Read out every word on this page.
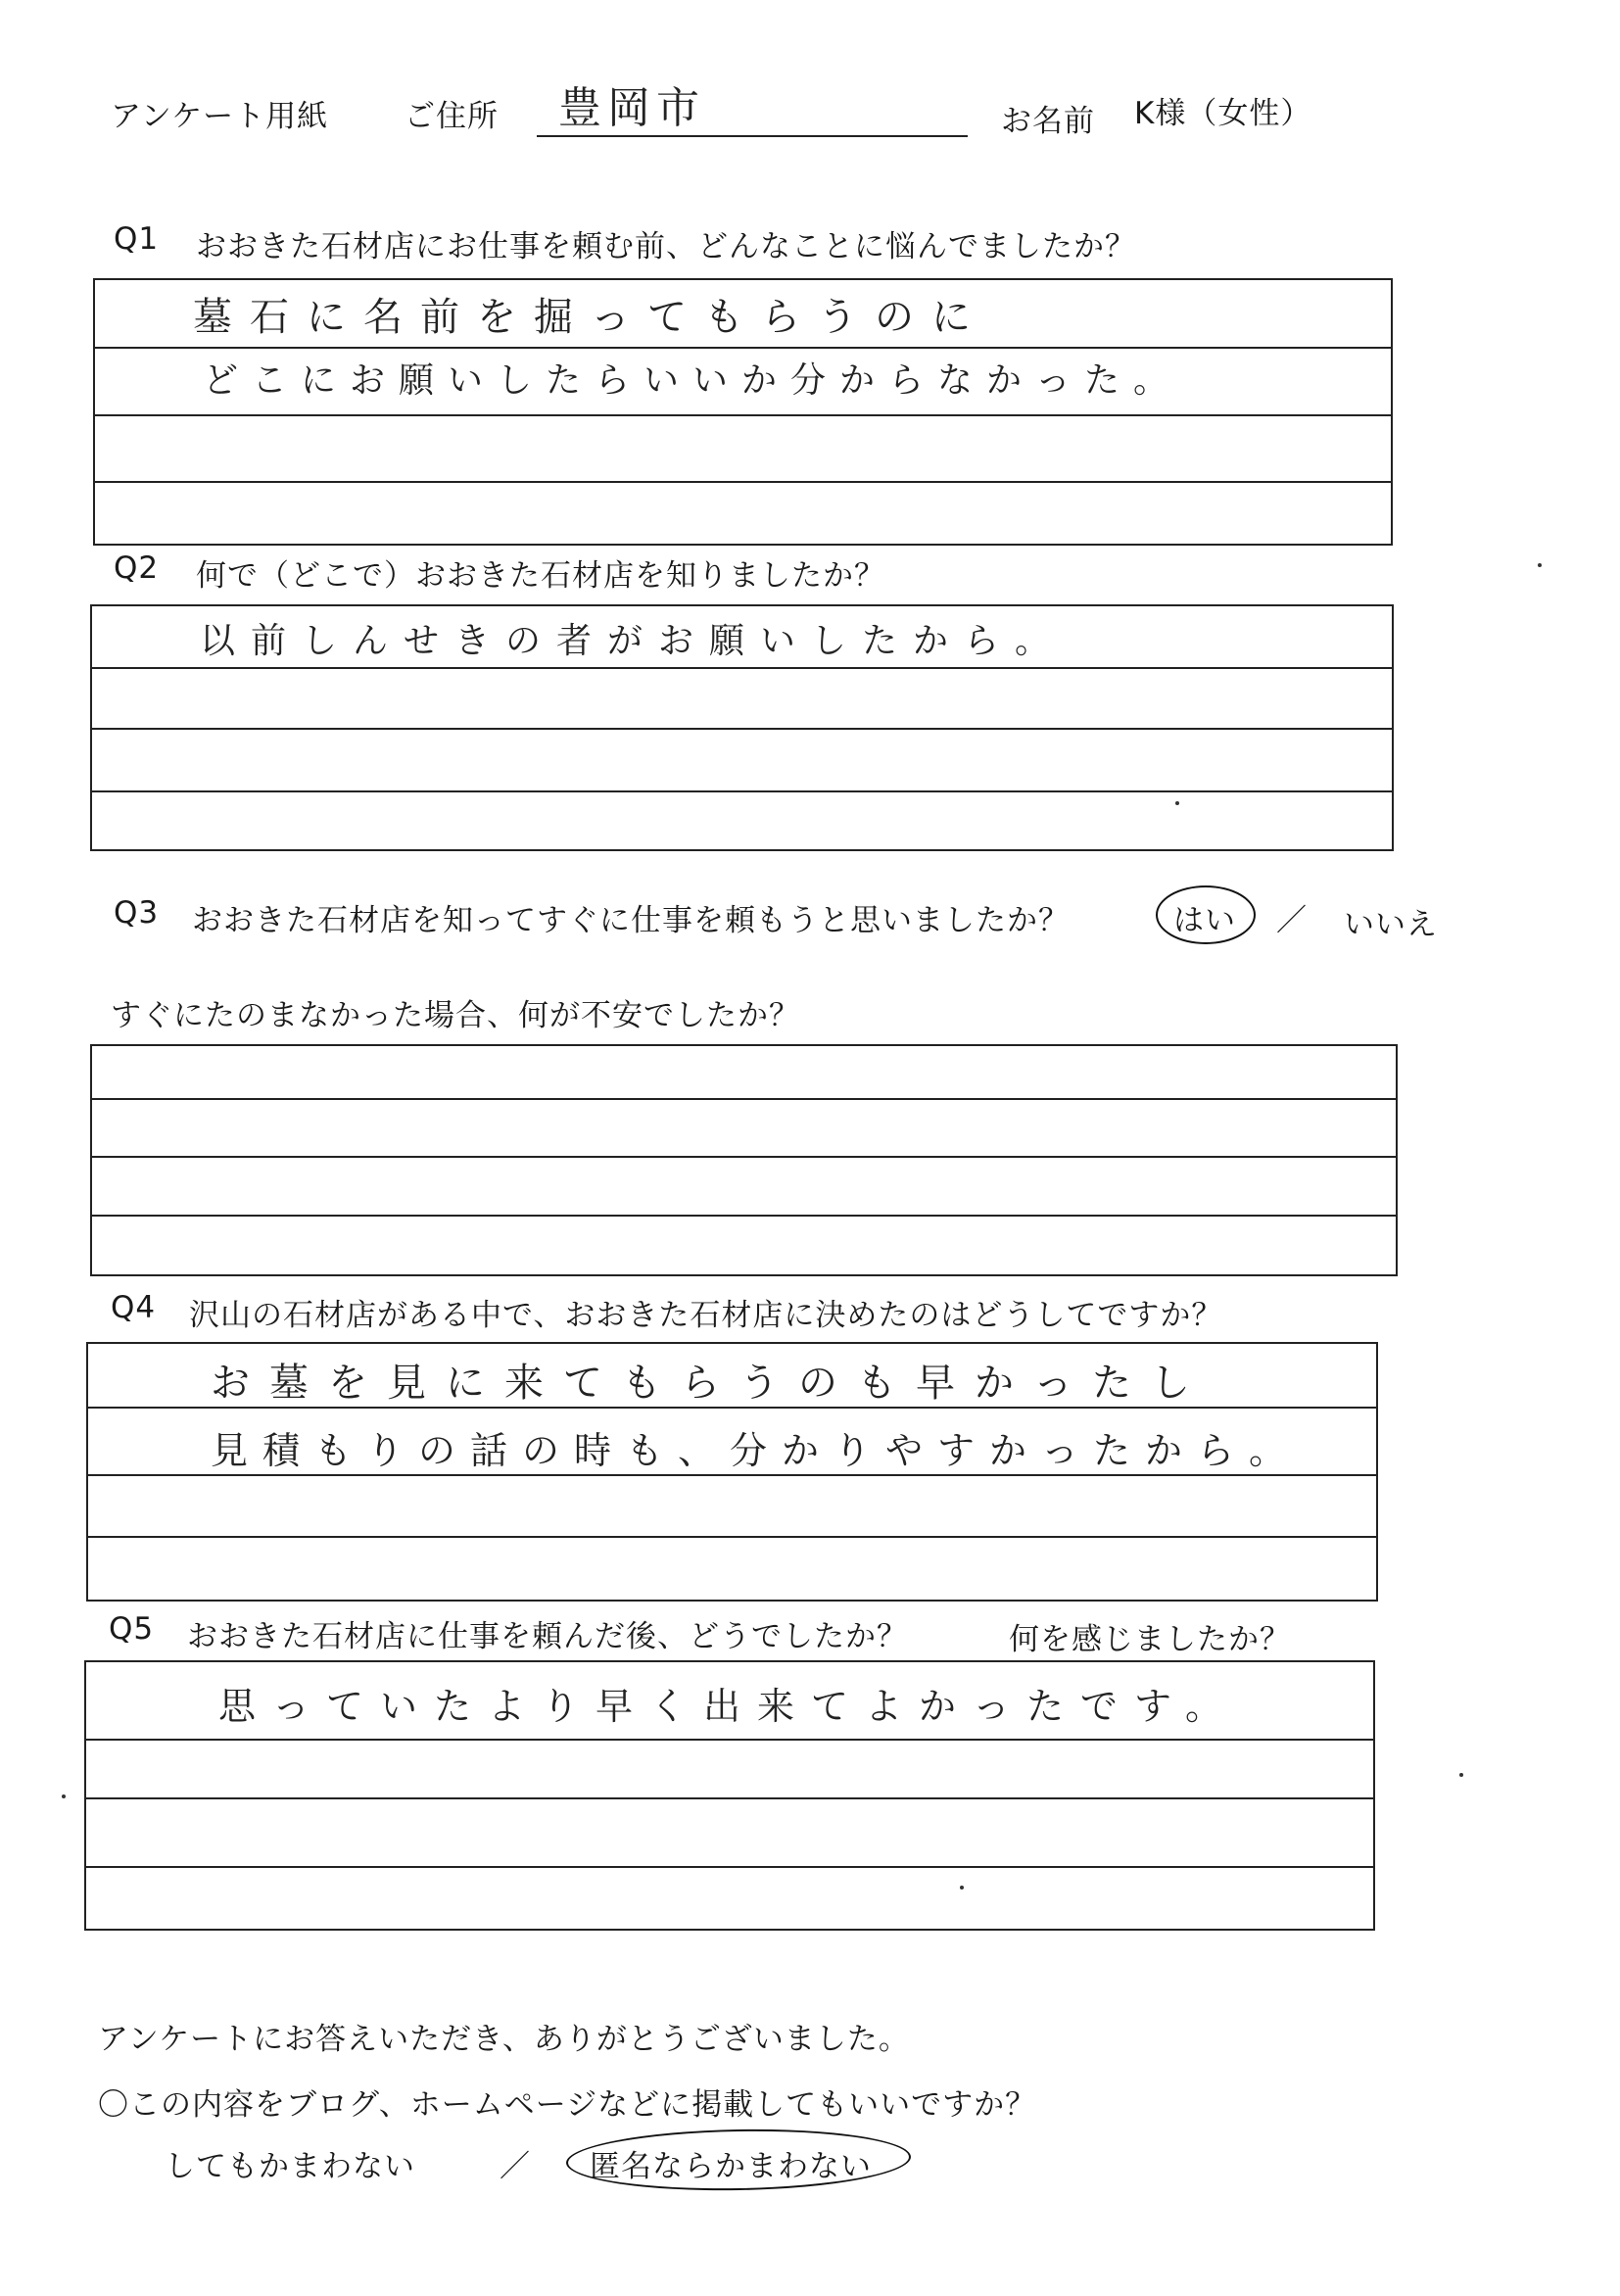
アンケート用紙	ご住所 豊岡市	お名前 K様（女性）
Q1 おおきた石材店にお仕事を頼む前、どんなことに悩んでましたか？
墓石に名前を掘ってもらうのに
どこにお願いしたらいいか分からなかった。
Q2 何で（どこで）おおきた石材店を知りましたか？
以前しんせきの者がお願いしたから。
Q3 おおきた石材店を知ってすぐに仕事を頼もうと思いましたか？	はい ／ いいえ
すぐにたのまなかった場合、何が不安でしたか？
Q4 沢山の石材店がある中で、おおきた石材店に決めたのはどうしてですか？
お墓を見に来てもらうのも早かったし
見積もりの話の時も、分かりやすかったから。
Q5 おおきた石材店に仕事を頼んだ後、どうでしたか？	何を感じましたか？
思っていたより早く出来てよかったです。
アンケートにお答えいただき、ありがとうございました。
〇この内容をブログ、ホームページなどに掲載してもいいですか？
してもかまわない	／ 匿名ならかまわない
